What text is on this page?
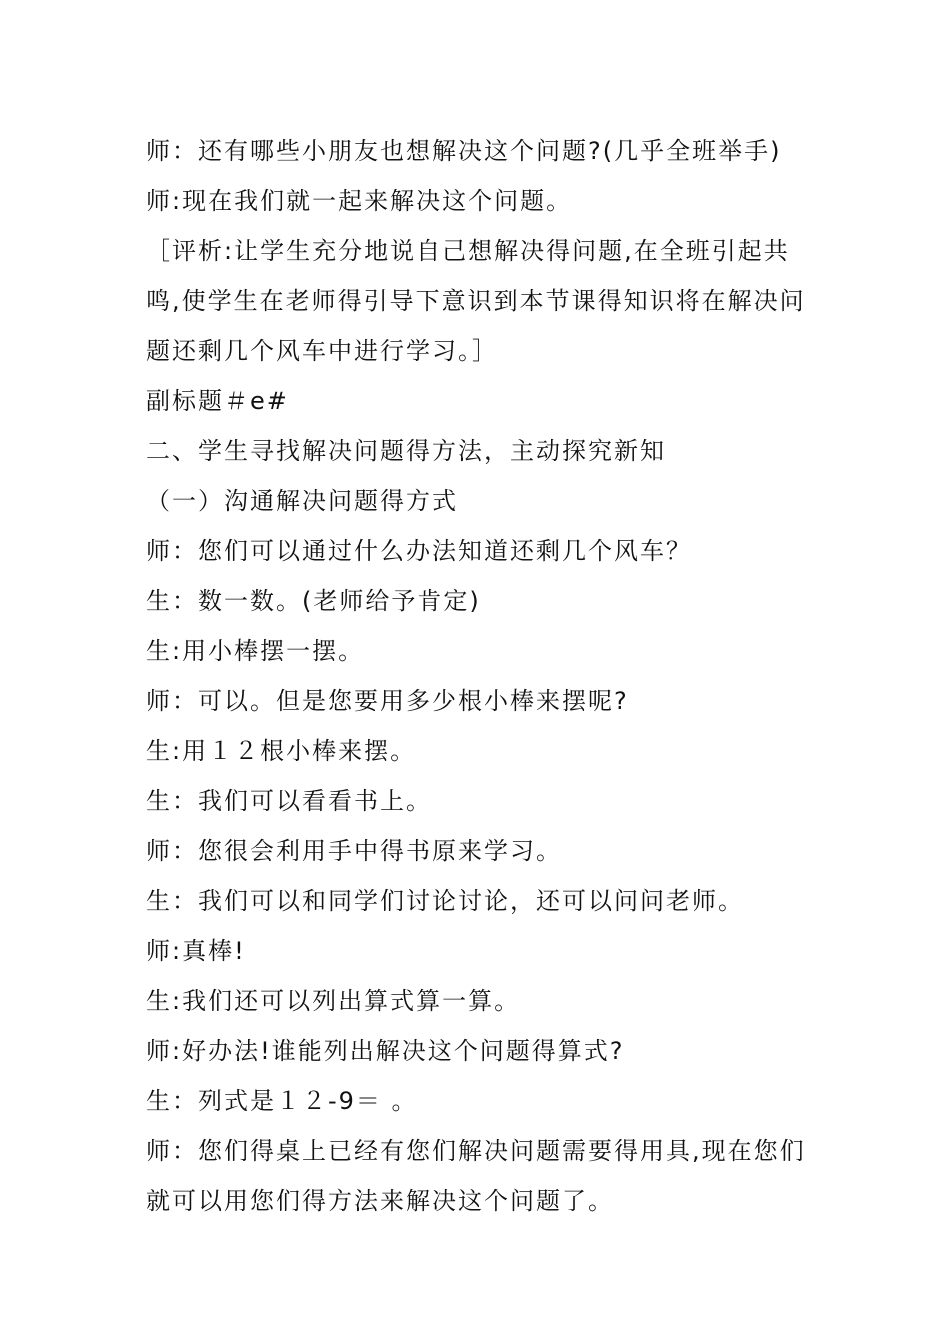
师：还有哪些小朋友也想解决这个问题?(几乎全班举手)
师:现在我们就一起来解决这个问题。
［评析:让学生充分地说自己想解决得问题,在全班引起共
鸣,使学生在老师得引导下意识到本节课得知识将在解决问
题还剩几个风车中进行学习。］
副标题＃e#
二、学生寻找解决问题得方法，主动探究新知
（一）沟通解决问题得方式
师：您们可以通过什么办法知道还剩几个风车？
生：数一数。(老师给予肯定)
生:用小棒摆一摆。
师：可以。但是您要用多少根小棒来摆呢?
生:用１２根小棒来摆。
生：我们可以看看书上。
师：您很会利用手中得书原来学习。
生：我们可以和同学们讨论讨论，还可以问问老师。
师:真棒!
生:我们还可以列出算式算一算。
师:好办法!谁能列出解决这个问题得算式?
生：列式是１２-9＝ 。
师：您们得桌上已经有您们解决问题需要得用具,现在您们
就可以用您们得方法来解决这个问题了。
